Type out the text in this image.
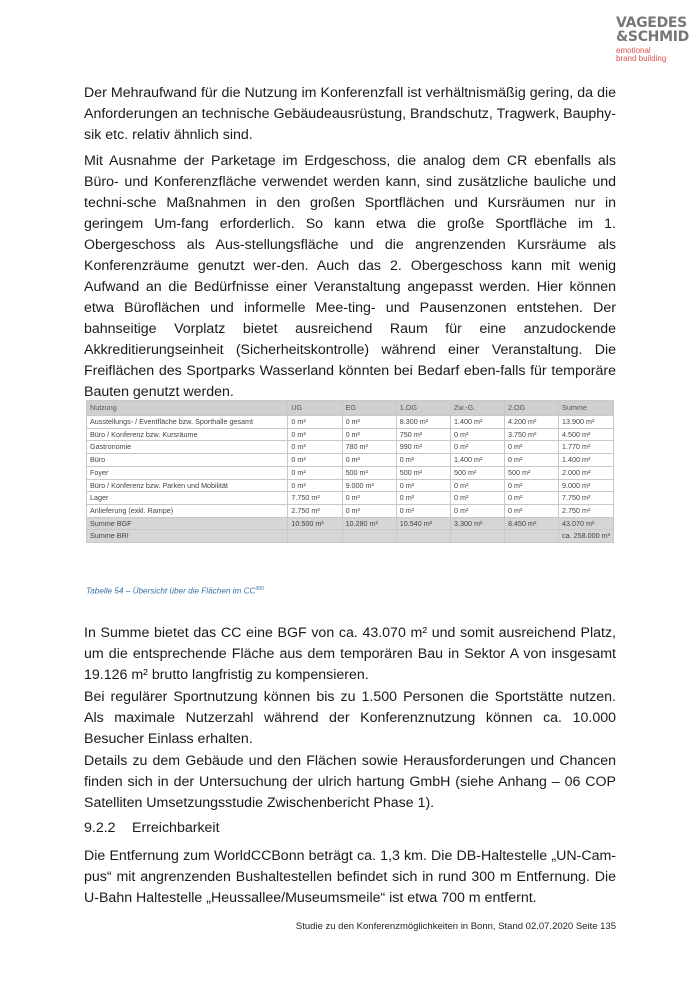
VAGEDES
&SCHMID
emotional
brand building

Der Mehraufwand für die Nutzung im Konferenzfall ist verhältnismäßig gering, da die Anforderungen an technische Gebäudeausrüstung, Brandschutz, Tragwerk, Bauphy-sik etc. relativ ähnlich sind.

Mit Ausnahme der Parketage im Erdgeschoss, die analog dem CR ebenfalls als Büro- und Konferenzfläche verwendet werden kann, sind zusätzliche bauliche und techni-sche Maßnahmen in den großen Sportflächen und Kursräumen nur in geringem Um-fang erforderlich. So kann etwa die große Sportfläche im 1. Obergeschoss als Aus-stellungsfläche und die angrenzenden Kursräume als Konferenzräume genutzt wer-den. Auch das 2. Obergeschoss kann mit wenig Aufwand an die Bedürfnisse einer Veranstaltung angepasst werden. Hier können etwa Büroflächen und informelle Mee-ting- und Pausenzonen entstehen. Der bahnseitige Vorplatz bietet ausreichend Raum für eine anzudockende Akkreditierungseinheit (Sicherheitskontrolle) während einer Veranstaltung. Die Freiflächen des Sportparks Wasserland könnten bei Bedarf eben-falls für temporäre Bauten genutzt werden.

Nutzung	UG	EG	1.OG	Zw.-G.	2.OG	Summe
Ausstellungs- / Eventfläche bzw. Sporthalle gesamt	0 m²	0 m²	8.300 m²	1.400 m²	4.200 m²	13.900 m²
Büro / Konferenz bzw. Kursräume	0 m²	0 m²	750 m²	0 m²	3.750 m²	4.500 m²
Gastronomie	0 m²	780 m²	990 m²	0 m²	0 m²	1.770 m²
Büro	0 m²	0 m²	0 m²	1.400 m²	0 m²	1.400 m²
Foyer	0 m²	500 m²	500 m²	500 m²	500 m²	2.000 m²
Büro / Konferenz bzw. Parken und Mobilität	0 m²	9.000 m²	0 m²	0 m²	0 m²	9.000 m²
Lager	7.750 m²	0 m²	0 m²	0 m²	0 m²	7.750 m²
Anlieferung (exkl. Rampe)	2.750 m²	0 m²	0 m²	0 m²	0 m²	2.750 m²
Summe BGF	10.500 m²	10.280 m²	10.540 m²	3.300 m²	8.450 m²	43.070 m²
Summe BRI						ca. 258.000 m³
Tabelle 54 – Übersicht über die Flächen im CC$^{300}$

In Summe bietet das CC eine BGF von ca. 43.070 m² und somit ausreichend Platz, um die entsprechende Fläche aus dem temporären Bau in Sektor A von insgesamt 19.126 m² brutto langfristig zu kompensieren.

Bei regulärer Sportnutzung können bis zu 1.500 Personen die Sportstätte nutzen. Als maximale Nutzerzahl während der Konferenznutzung können ca. 10.000 Besucher Einlass erhalten.

Details zu dem Gebäude und den Flächen sowie Herausforderungen und Chancen finden sich in der Untersuchung der ulrich hartung GmbH (siehe Anhang – 06 COP Satelliten Umsetzungsstudie Zwischenbericht Phase 1).

9.2.2 Erreichbarkeit

Die Entfernung zum WorldCCBonn beträgt ca. 1,3 km. Die DB-Haltestelle „UN-Cam-pus“ mit angrenzenden Bushaltestellen befindet sich in rund 300 m Entfernung. Die U-Bahn Haltestelle „Heussallee/Museumsmeile“ ist etwa 700 m entfernt.

Studie zu den Konferenzmöglichkeiten in Bonn, Stand 02.07.2020 Seite 135
